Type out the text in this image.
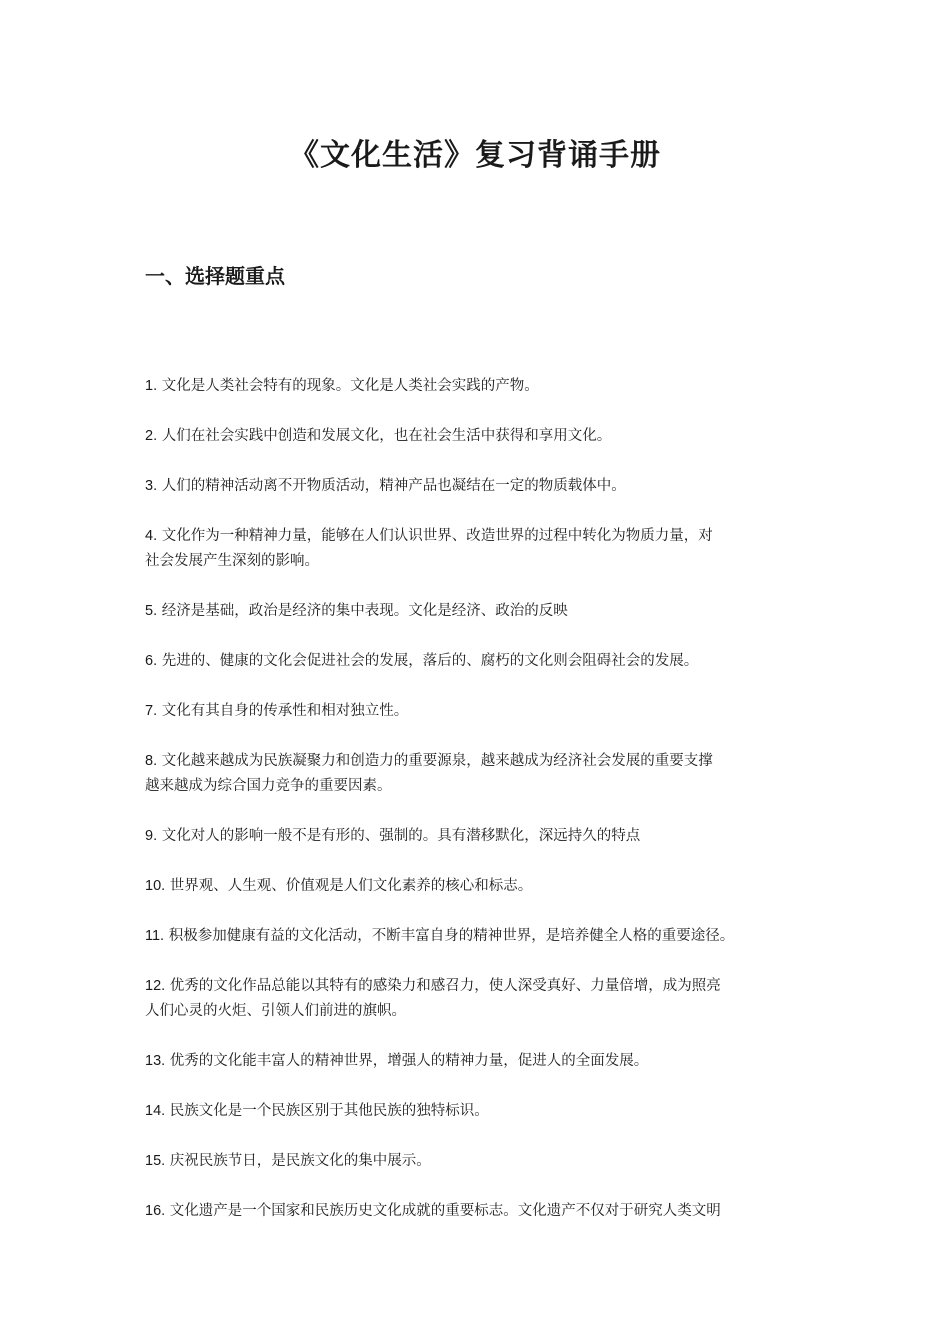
《文化生活》复习背诵手册
一、选择题重点
1. 文化是人类社会特有的现象。文化是人类社会实践的产物。
2. 人们在社会实践中创造和发展文化，也在社会生活中获得和享用文化。
3. 人们的精神活动离不开物质活动，精神产品也凝结在一定的物质载体中。
4. 文化作为一种精神力量，能够在人们认识世界、改造世界的过程中转化为物质力量，对
社会发展产生深刻的影响。
5. 经济是基础，政治是经济的集中表现。文化是经济、政治的反映
6. 先进的、健康的文化会促进社会的发展，落后的、腐朽的文化则会阻碍社会的发展。
7. 文化有其自身的传承性和相对独立性。
8. 文化越来越成为民族凝聚力和创造力的重要源泉，越来越成为经济社会发展的重要支撑
越来越成为综合国力竞争的重要因素。
9. 文化对人的影响一般不是有形的、强制的。具有潜移默化，深远持久的特点
10. 世界观、人生观、价值观是人们文化素养的核心和标志。
11. 积极参加健康有益的文化活动，不断丰富自身的精神世界，是培养健全人格的重要途径。
12. 优秀的文化作品总能以其特有的感染力和感召力，使人深受真好、力量倍增，成为照亮
人们心灵的火炬、引领人们前进的旗帜。
13. 优秀的文化能丰富人的精神世界，增强人的精神力量，促进人的全面发展。
14. 民族文化是一个民族区别于其他民族的独特标识。
15. 庆祝民族节日，是民族文化的集中展示。
16. 文化遗产是一个国家和民族历史文化成就的重要标志。文化遗产不仅对于研究人类文明
